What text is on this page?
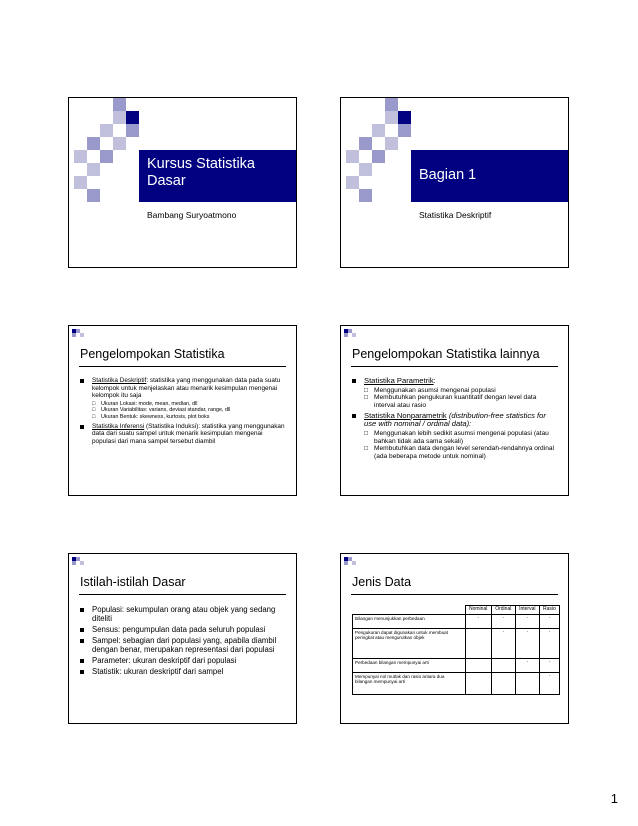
Kursus Statistika
Dasar
Bambang Suryoatmono
Bagian 1
Statistika Deskriptif
Pengelompokan Statistika
Statistika Deskriptif: statistika yang menggunakan data pada suatu kelompok untuk menjelaskan atau menarik kesimpulan mengenai kelompok itu saja
□ Ukuran Lokasi: mode, mean, median, dll
□ Ukuran Variabilitas: varians, deviasi standar, range, dll
□ Ukuran Bentuk: skewness, kurtosis, plot boks
Statistika Inferensi (Statistika Induksi): statistika yang menggunakan data dari suatu sampel untuk menarik kesimpulan mengenai populasi dari mana sampel tersebut diambil
Pengelompokan Statistika lainnya
Statistika Parametrik:
□ Menggunakan asumsi mengenai populasi
□ Membutuhkan pengukuran kuantitatif dengan level data interval atau rasio
Statistika Nonparametrik (distribution-free statistics for use with nominal / ordinal data):
□ Menggunakan lebih sedikit asumsi mengenai populasi (atau bahkan tidak ada sama sekali)
□ Membutuhkan data dengan level serendah-rendahnya ordinal (ada beberapa metode untuk nominal)
Istilah-istilah Dasar
Populasi: sekumpulan orang atau objek yang sedang diteliti
Sensus: pengumpulan data pada seluruh populasi
Sampel: sebagian dari populasi yang, apabila diambil dengan benar, merupakan representasi dari populasi
Parameter: ukuran deskriptif dari populasi
Statistik: ukuran deskriptif dari sampel
Jenis Data
	Nominal	Ordinal	Interval	Rasio
Bilangan menunjukkan perbedaan	’	’	’	’
Pengukuran dapat digunakan untuk membuat peringkat atau mengurutkan objek		’	’	’
Perbedaan bilangan mempunyai arti			’	’
Mempunyai nol mutlak dan rasio antara dua bilangan mempunyai arti				’
1
